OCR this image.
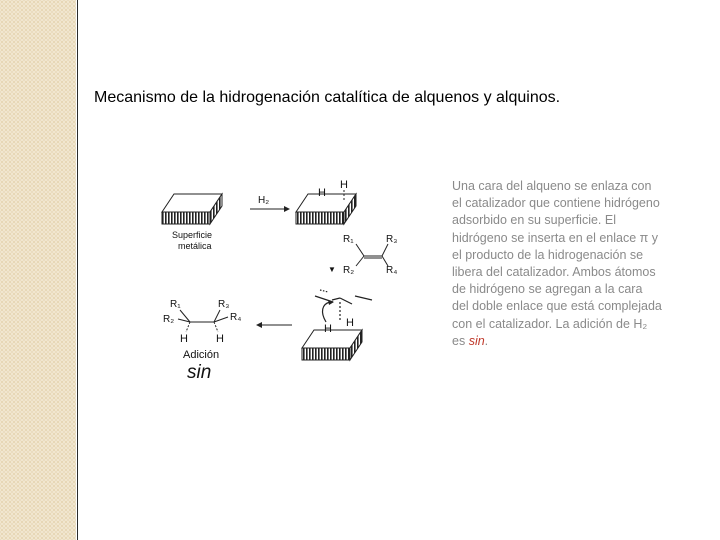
Mecanismo de la hidrogenación catalítica de alquenos y alquinos.
Superficie
metálica
H₂
H
H
R₁	R₃
R₂	R₄
▼
H H
R₁
R₂
R₃
R₄
H	H
Adición
sin
Una cara del alqueno se enlaza con el catalizador que contiene hidrógeno adsorbido en su superficie. El hidrógeno se inserta en el enlace π y el producto de la hidrogenación se libera del catalizador. Ambos átomos de hidrógeno se agregan a la cara del doble enlace que está complejada con el catalizador. La adición de H₂ es sin.
